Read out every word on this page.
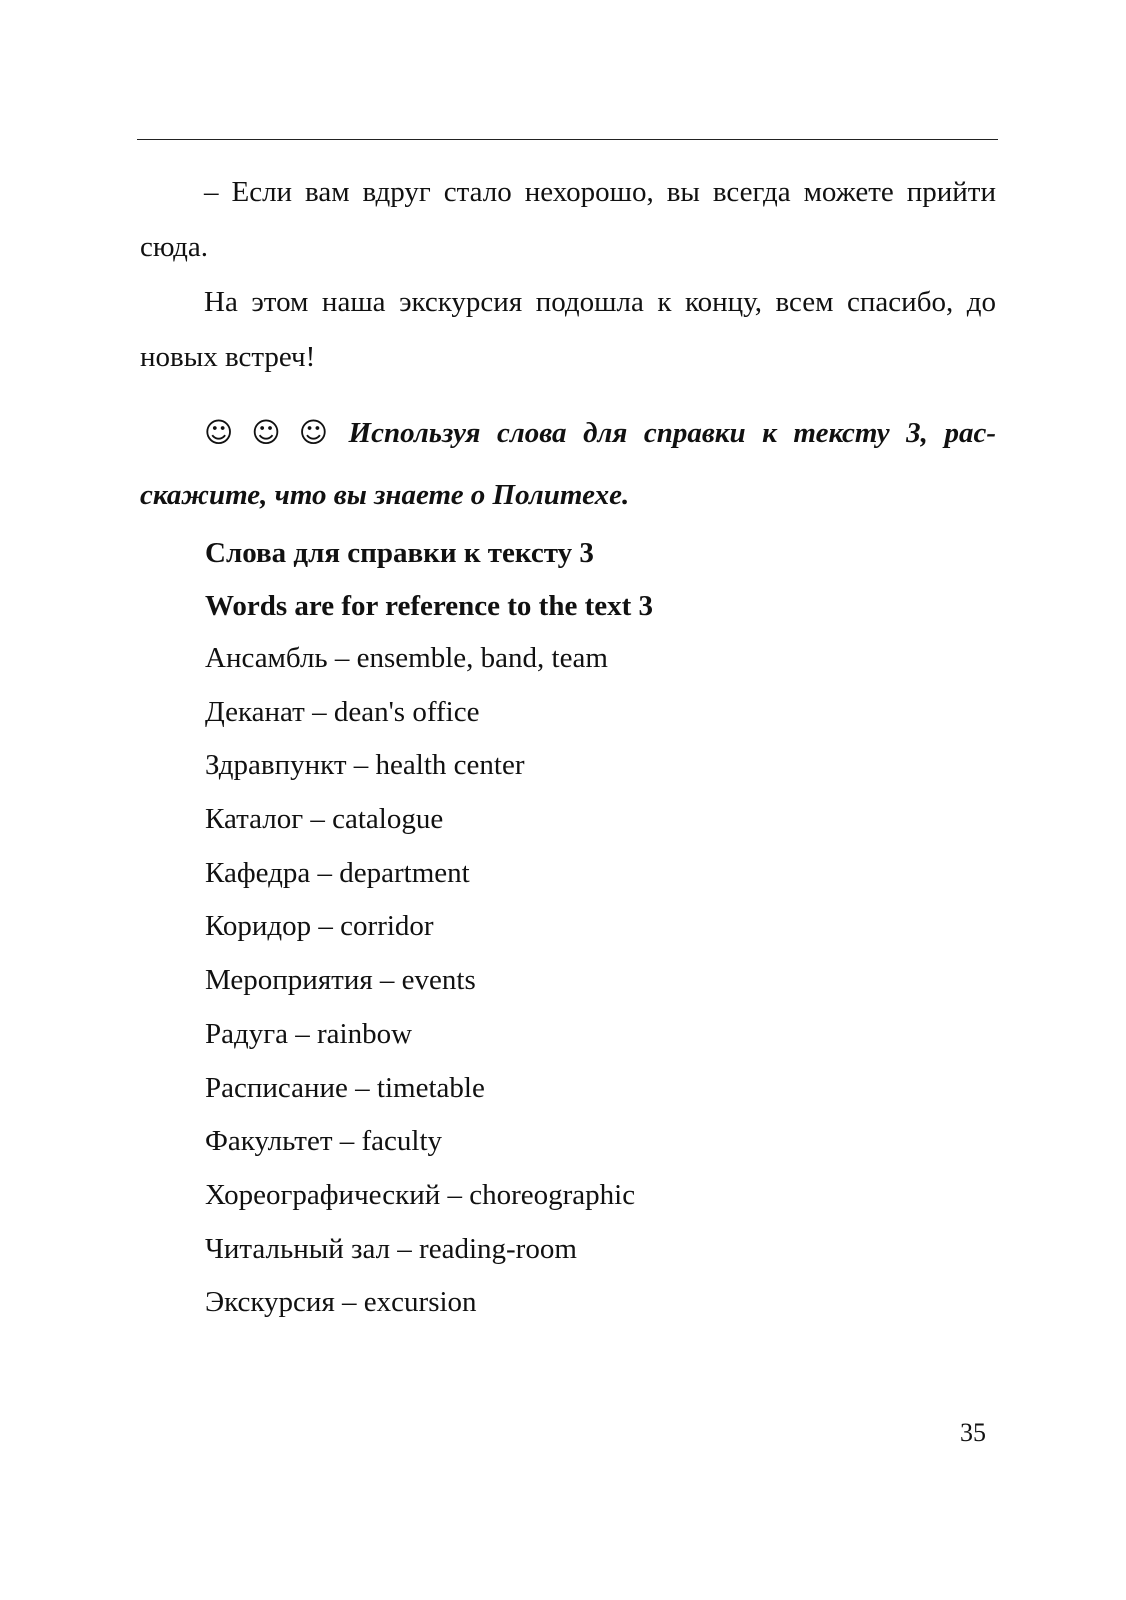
– Если вам вдруг стало нехорошо, вы всегда можете прийти сюда.

На этом наша экскурсия подошла к концу, всем спасибо, до новых встреч!

☺ ☺ ☺ Используя слова для справки к тексту 3, расскажите, что вы знаете о Политехе.

Слова для справки к тексту 3

Words are for reference to the text 3

Ансамбль – ensemble, band, team
Деканат – dean's office
Здравпункт – health center
Каталог – catalogue
Кафедра – department
Коридор – corridor
Мероприятия – events
Радуга – rainbow
Расписание – timetable
Факультет – faculty
Хореографический – choreographic
Читальный зал – reading-room
Экскурсия – excursion
35
